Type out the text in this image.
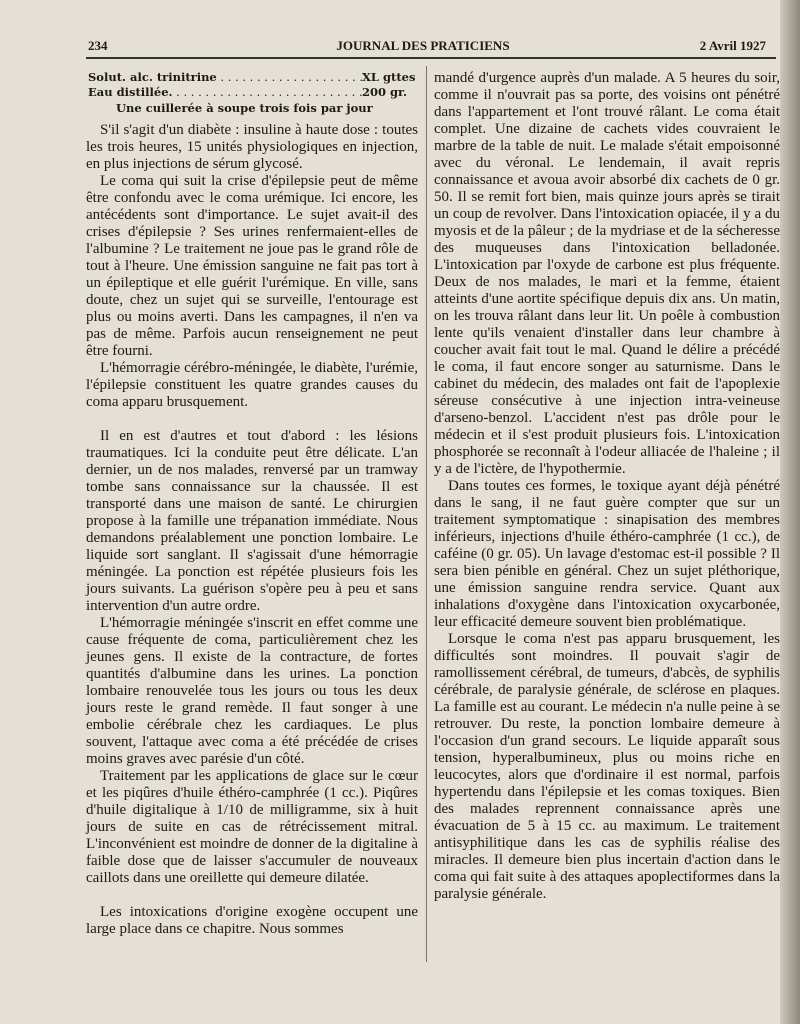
234	JOURNAL DES PRATICIENS	2 Avril 1927
Solut. alc. trinitrine . . .	XL gttes
Eau distillée. . . .	200 gr.
Une cuillerée à soupe trois fois par jour

S'il s'agit d'un diabète : insuline à haute dose : toutes les trois heures, 15 unités physiologiques en injection, en plus injections de sérum glycosé.

Le coma qui suit la crise d'épilepsie peut de même être confondu avec le coma urémique. Ici encore, les antécédents sont d'importance. Le sujet avait-il des crises d'épilepsie ? Ses urines renfermaient-elles de l'albumine ? Le traitement ne joue pas le grand rôle de tout à l'heure. Une émission sanguine ne fait pas tort à un épileptique et elle guérit l'urémique. En ville, sans doute, chez un sujet qui se surveille, l'entourage est plus ou moins averti. Dans les campagnes, il n'en va pas de même. Parfois aucun renseignement ne peut être fourni.

L'hémorragie cérébro-méningée, le diabète, l'urémie, l'épilepsie constituent les quatre grandes causes du coma apparu brusquement.

Il en est d'autres et tout d'abord : les lésions traumatiques. Ici la conduite peut être délicate. L'an dernier, un de nos malades, renversé par un tramway tombe sans connaissance sur la chaussée. Il est transporté dans une maison de santé. Le chirurgien propose à la famille une trépanation immédiate. Nous demandons préalablement une ponction lombaire. Le liquide sort sanglant. Il s'agissait d'une hémorragie méningée. La ponction est répétée plusieurs fois les jours suivants. La guérison s'opère peu à peu et sans intervention d'un autre ordre.

L'hémorragie méningée s'inscrit en effet comme une cause fréquente de coma, particulièrement chez les jeunes gens. Il existe de la contracture, de fortes quantités d'albumine dans les urines. La ponction lombaire renouvelée tous les jours ou tous les deux jours reste le grand remède. Il faut songer à une embolie cérébrale chez les cardiaques. Le plus souvent, l'attaque avec coma a été précédée de crises moins graves avec parésie d'un côté.

Traitement par les applications de glace sur le cœur et les piqûres d'huile éthéro-camphrée (1 cc.). Piqûres d'huile digitalique à 1/10 de milligramme, six à huit jours de suite en cas de rétrécissement mitral. L'inconvénient est moindre de donner de la digitaline à faible dose que de laisser s'accumuler de nouveaux caillots dans une oreillette qui demeure dilatée.

Les intoxications d'origine exogène occupent une large place dans ce chapitre. Nous sommes

mandé d'urgence auprès d'un malade. A 5 heures du soir, comme il n'ouvrait pas sa porte, des voisins ont pénétré dans l'appartement et l'ont trouvé râlant. Le coma était complet. Une dizaine de cachets vides couvraient le marbre de la table de nuit. Le malade s'était empoisonné avec du véronal. Le lendemain, il avait repris connaissance et avoua avoir absorbé dix cachets de 0 gr. 50. Il se remit fort bien, mais quinze jours après se tirait un coup de revolver. Dans l'intoxication opiacée, il y a du myosis et de la pâleur ; de la mydriase et de la sécheresse des muqueuses dans l'intoxication belladonée. L'intoxication par l'oxyde de carbone est plus fréquente. Deux de nos malades, le mari et la femme, étaient atteints d'une aortite spécifique depuis dix ans. Un matin, on les trouva râlant dans leur lit. Un poêle à combustion lente qu'ils venaient d'installer dans leur chambre à coucher avait fait tout le mal. Quand le délire a précédé le coma, il faut encore songer au saturnisme. Dans le cabinet du médecin, des malades ont fait de l'apoplexie séreuse consécutive à une injection intra-veineuse d'arseno-benzol. L'accident n'est pas drôle pour le médecin et il s'est produit plusieurs fois. L'intoxication phosphorée se reconnaît à l'odeur alliacée de l'haleine ; il y a de l'ictère, de l'hypothermie.

Dans toutes ces formes, le toxique ayant déjà pénétré dans le sang, il ne faut guère compter que sur un traitement symptomatique : sinapisation des membres inférieurs, injections d'huile éthéro-camphrée (1 cc.), de caféine (0 gr. 05). Un lavage d'estomac est-il possible ? Il sera bien pénible en général. Chez un sujet pléthorique, une émission sanguine rendra service. Quant aux inhalations d'oxygène dans l'intoxication oxycarbonée, leur efficacité demeure souvent bien problématique.

Lorsque le coma n'est pas apparu brusquement, les difficultés sont moindres. Il pouvait s'agir de ramollissement cérébral, de tumeurs, d'abcès, de syphilis cérébrale, de paralysie générale, de sclérose en plaques. La famille est au courant. Le médecin n'a nulle peine à se retrouver. Du reste, la ponction lombaire demeure à l'occasion d'un grand secours. Le liquide apparaît sous tension, hyperalbumineux, plus ou moins riche en leucocytes, alors que d'ordinaire il est normal, parfois hypertendu dans l'épilepsie et les comas toxiques. Bien des malades reprennent connaissance après une évacuation de 5 à 15 cc. au maximum. Le traitement antisyphilitique dans les cas de syphilis réalise des miracles. Il demeure bien plus incertain d'action dans le coma qui fait suite à des attaques apoplectiformes dans la paralysie générale.
